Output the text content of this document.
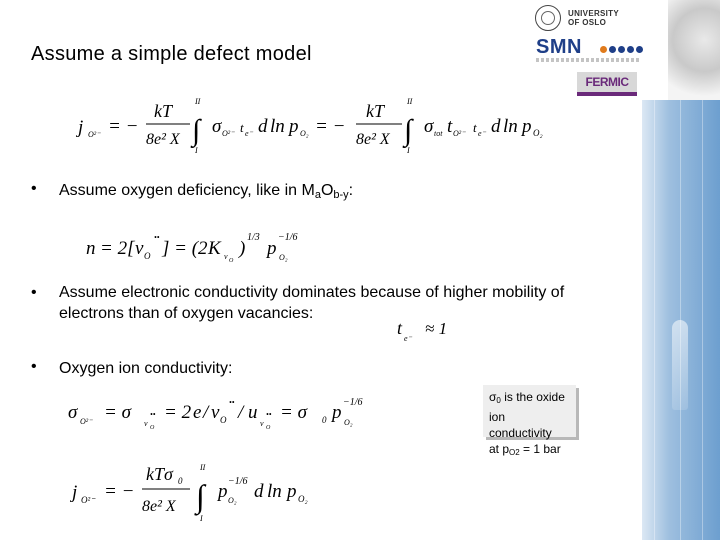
UNIVERSITY
OF OSLO
SMN
FERMIC
Assume a simple defect model
j O²⁻ = −
kT
8e² X
II
∫
I
σ O²⁻ t e⁻ d ln p O₂ = −
kT
8e² X
II
∫
I
σ tot t O²⁻ t e⁻ d ln p O₂
• Assume oxygen deficiency, like in $M_aO_{b-y}$:
n = 2[ v O
••
] = (2 K v O
)
1/3
p
−1/6
O₂
• Assume electronic conductivity dominates because of higher mobility of
electrons than of oxygen vacancies:
t
e⁻
≈ 1
• Oxygen ion conductivity:
σ O²⁻ = σ
v O
•• = 2 e / v O
•• / u
v O
•• = σ 0 p −1/6
O₂
$\sigma_0$ is the oxide
ion conductivity
at $p_{O2} = 1$ bar
j O²⁻ = −
kTσ 0
8e² X
II
∫
I
p −1/6
O₂ d ln p O₂
